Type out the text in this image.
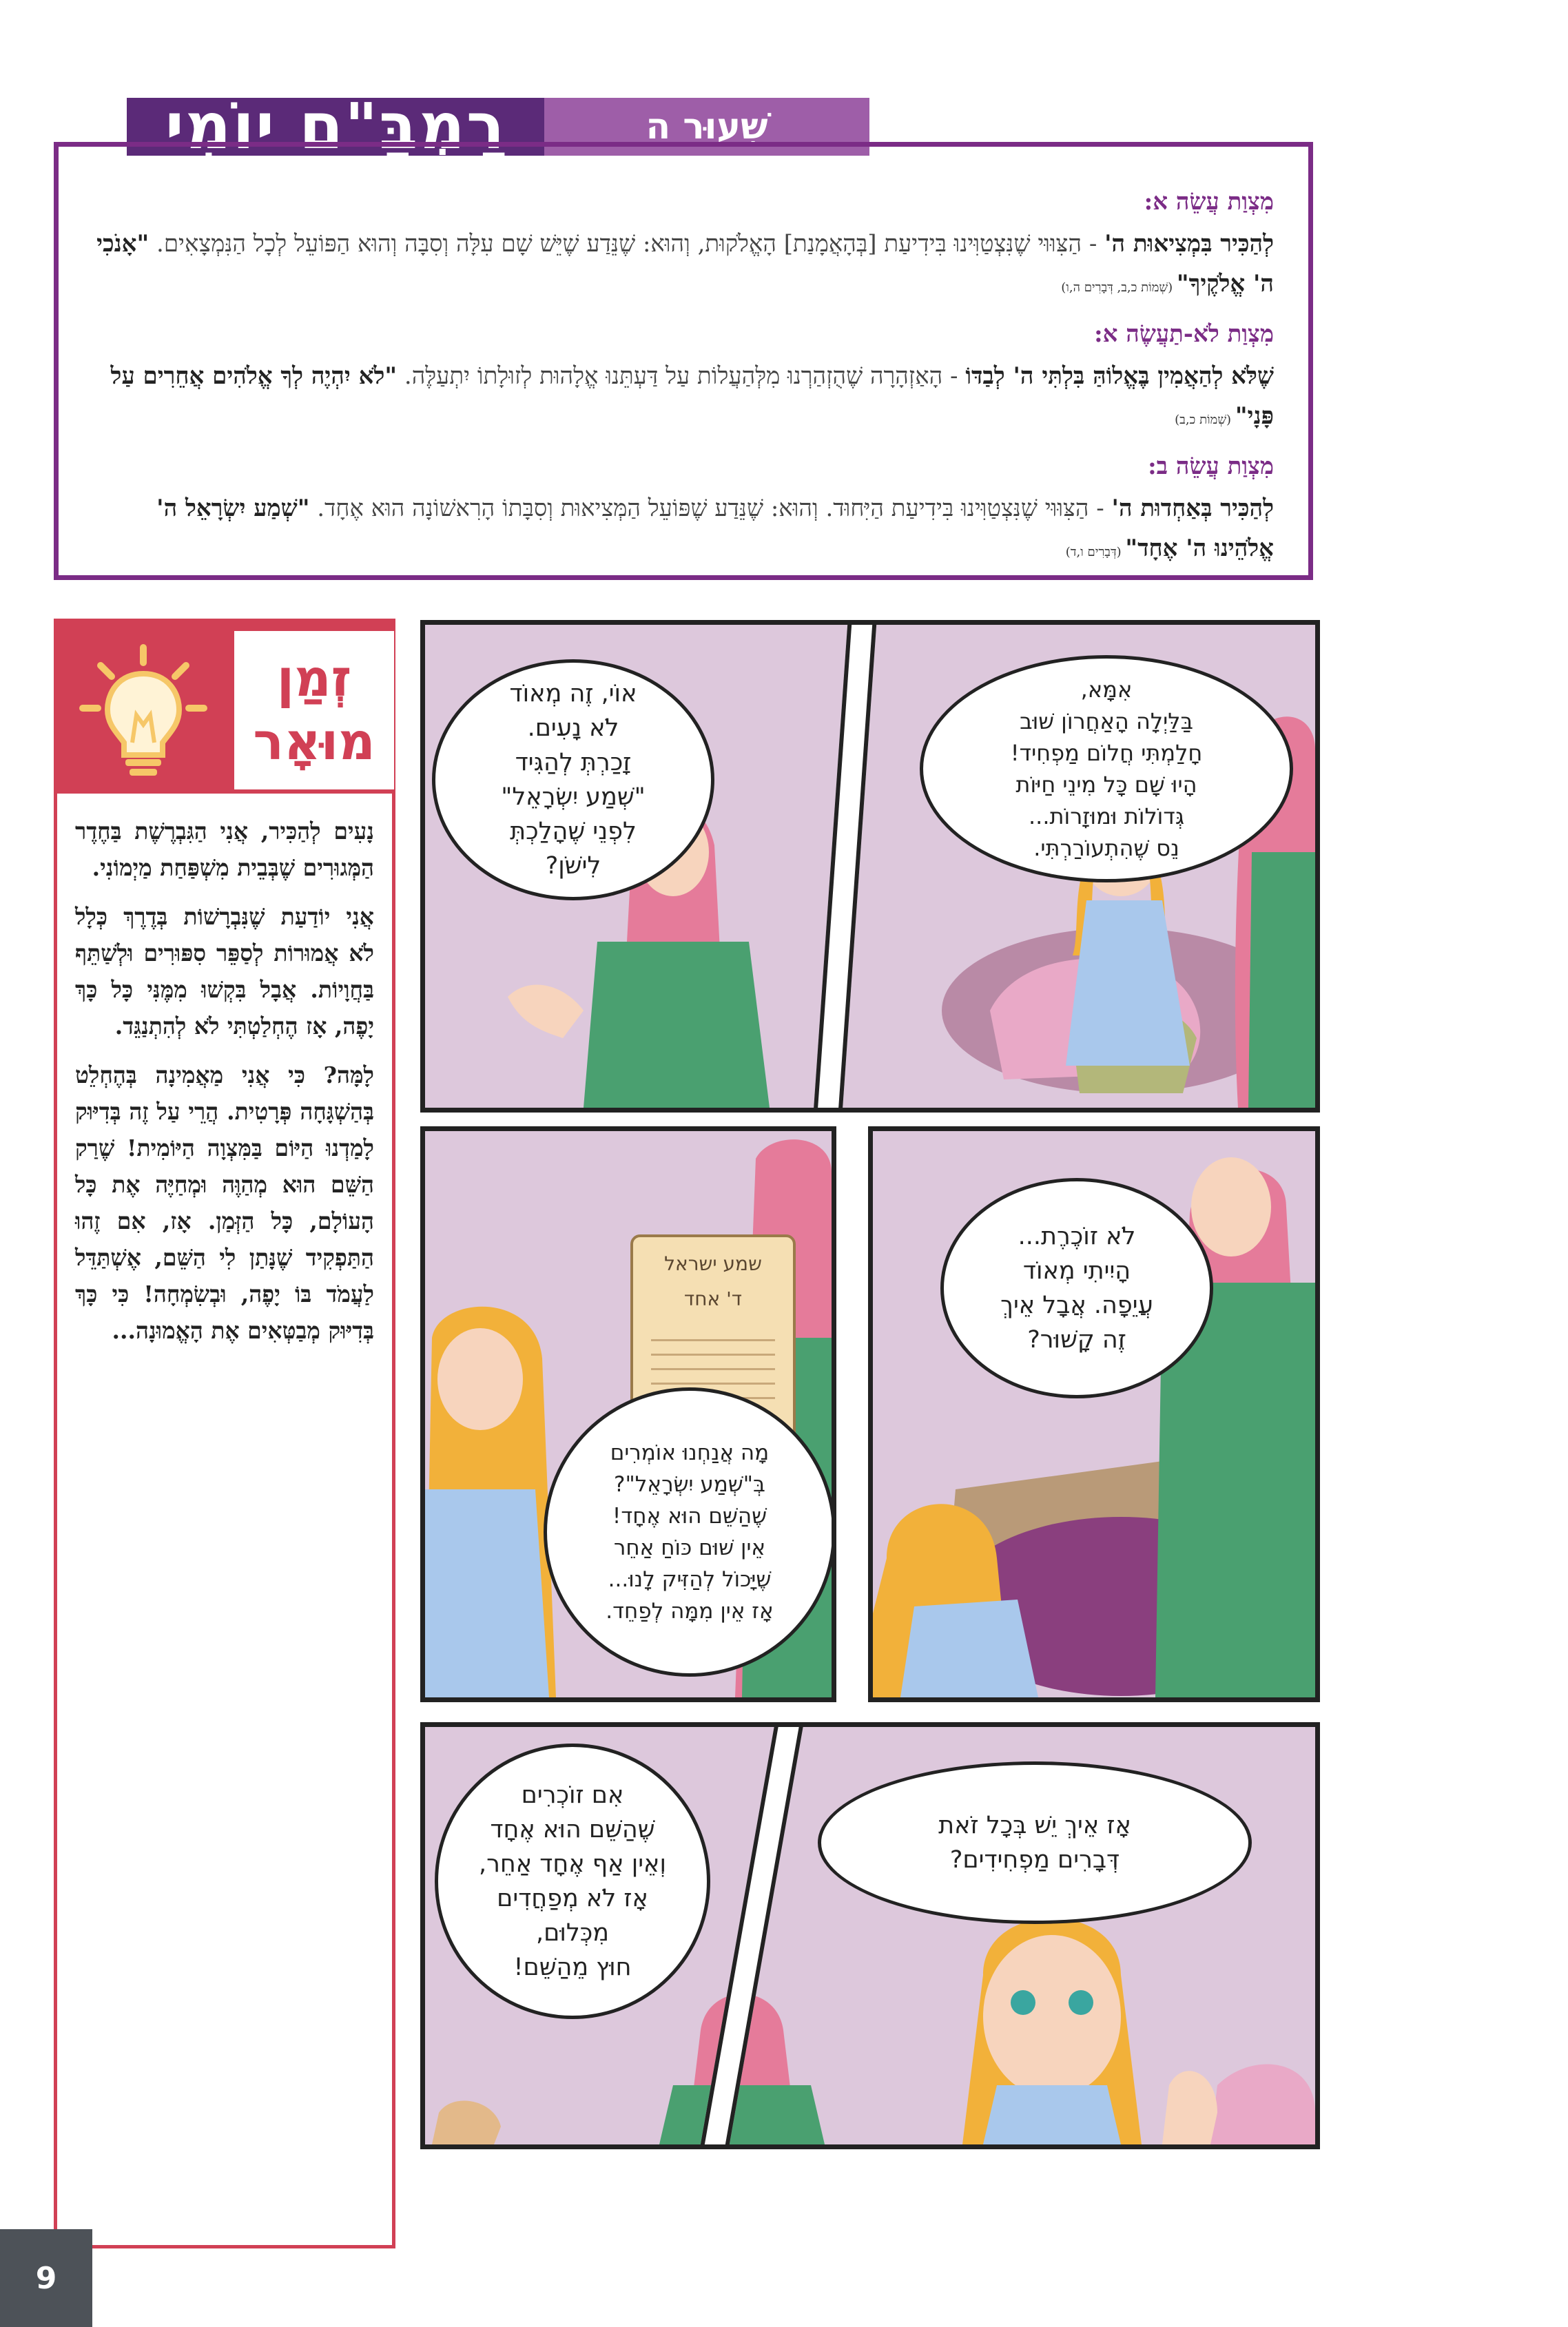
רַמְבַּ"ם יוֹמִי	שִׁעוּר ה

מִצְוַת עֲשֵׂה א:

לְהַכִּיר בִּמְצִיאוּת ה' - הַצִּוּוּי שֶׁנִּצְטַוִּינוּ בִּידִיעַת [בְּהָאֲמָנַת] הָאֱלֹקוּת, וְהוּא: שֶׁנֵּדַע שֶׁיֵּשׁ שָׁם עִלָּה וְסִבָּה וְהוּא הַפּוֹעֵל לְכָל הַנִּמְצָאִים. "אָנֹכִי ה' אֱלֹקֶיךָ" (שְׁמוֹת כ,ב, דְּבָרִים ה,ו)

מִצְוַת לֹא-תַעֲשֶׂה א:

שֶׁלֹּא לְהַאֲמִין בֶּאֱלוֹהַּ בִּלְתִּי ה' לְבַדּוֹ - הָאַזְהָרָה שֶׁהֻזְהַרְנוּ מִלְּהַעֲלוֹת עַל דַּעְתֵּנוּ אֱלָהוּת לְזוּלָתוֹ יִתְעַלֶּה. "לֹא יִהְיֶה לְךָ אֱלֹהִים אֲחֵרִים עַל פָּנָי" (שְׁמוֹת כ,ב)

מִצְוַת עֲשֵׂה ב:

לְהַכִּיר בְּאַחְדוּת ה' - הַצִּוּוּי שֶׁנִּצְטַוִּינוּ בִּידִיעַת הַיִּחוּד. וְהוּא: שֶׁנֵּדַע שֶׁפּוֹעֵל הַמְּצִיאוּת וְסִבָּתוֹ הָרִאשׁוֹנָה הוּא אֶחָד. "שְׁמַע יִשְׂרָאֵל ה' אֱלֹהֵינוּ ה' אֶחָד" (דְּבָרִים ו,ד)

זְמַן
מוּאָר

נָעִים לְהַכִּיר, אֲנִי הַגִּבְרֶשֶׁת בַּחֶדֶר הַמְּגוּרִים שֶׁבְּבֵית מִשְׁפַּחַת מַיְמוֹנִי.

אֲנִי יוֹדַעַת שֶׁנִּבְרָשׁוֹת בְּדֶרֶךְ כְּלָל לֹא אֲמוּרוֹת לְסַפֵּר סִפּוּרִים וּלְשַׁתֵּף בַּחֲוָיוֹת. אֲבָל בִּקְשׁוּ מִמֶּנִּי כָּל כָּךְ יָפֶה, אָז הֶחְלַטְתִּי לֹא לְהִתְנַגֵּד.

לָמָּה? כִּי אֲנִי מַאֲמִינָה בְּהֶחְלֵט בְּהַשְׁגָּחָה פְּרָטִית. הֲרֵי עַל זֶה בְּדִיּוּק לָמַדְנוּ הַיּוֹם בַּמִּצְוָה הַיּוֹמִית! שֶׁרַק הַשֵּׁם הוּא מְהַוֶּה וּמְחַיֶּה אֶת כָּל הָעוֹלָם, כָּל הַזְּמַן. אָז, אִם זֶהוּ הַתַּפְקִיד שֶׁנָּתַן לִי הַשֵּׁם, אֶשְׁתַּדֵּל לַעֲמֹד בּוֹ יָפֶה, וּבְשִׂמְחָה! כִּי כָּךְ בְּדִיּוּק מְבַטְּאִים אֶת הָאֱמוּנָה...

אִמָּא,
בַּלַּיְלָה הָאַחֲרוֹן שׁוּב
חָלַמְתִּי חֲלוֹם מַפְחִיד!
הָיוּ שָׁם כָּל מִינֵי חַיּוֹת
גְּדוֹלוֹת וּמוּזָרוֹת...
נֵס שֶׁהִתְעוֹרַרְתִּי.
אוֹי, זֶה מְאוֹד
לֹא נָעִים.
זָכַרְתְּ לְהַגִּיד
"שְׁמַע יִשְׂרָאֵל"
לִפְנֵי שֶׁהָלַכְתְּ
לִישֹׁן?
לֹא זוֹכֶרֶת...
הָיִיתִי מְאוֹד
עֲיֵפָה. אֲבָל אֵיךְ
זֶה קָשׁוּר?
שמע ישראל
ד' אחד
מָה אֲנַחְנוּ אוֹמְרִים
בְּ"שְׁמַע יִשְׂרָאֵל"?
שֶׁהַשֵּׁם הוּא אֶחָד!
אֵין שׁוּם כּוֹחַ אַחֵר
שֶׁיָּכוֹל לְהַזִּיק לָנוּ...
אָז אֵין מִמָּה לְפַחֵד.
אָז אֵיךְ יֵשׁ בְּכָל זֹאת
דְּבָרִים מַפְחִידִים?
אִם זוֹכְרִים
שֶׁהַשֵּׁם הוּא אֶחָד
וְאֵין אַף אֶחָד אַחֵר,
אָז לֹא מְפַחֲדִים
מִכְּלוּם,
חוּץ מֵהַשֵּׁם!
9
